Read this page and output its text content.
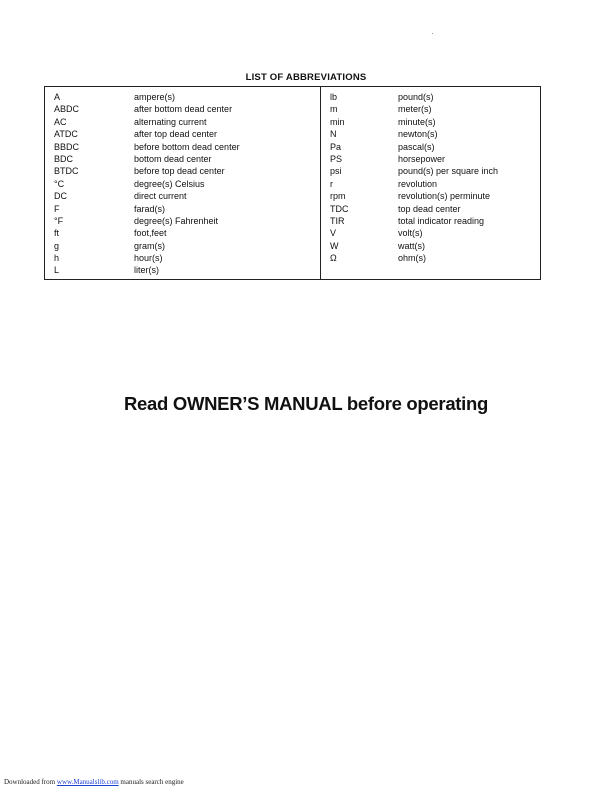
LIST OF ABBREVIATIONS
A	ampere(s)
ABDC	after bottom dead center
AC	alternating current
ATDC	after top dead center
BBDC	before bottom dead center
BDC	bottom dead center
BTDC	before top dead center
°C	degree(s) Celsius
DC	direct current
F	farad(s)
°F	degree(s) Fahrenheit
ft	foot,feet
g	gram(s)
h	hour(s)
L	liter(s)
lb	pound(s)
m	meter(s)
min	minute(s)
N	newton(s)
Pa	pascal(s)
PS	horsepower
psi	pound(s) per square inch
r	revolution
rpm	revolution(s) perminute
TDC	top dead center
TIR	total indicator reading
V	volt(s)
W	watt(s)
Ω	ohm(s)
Read OWNER’S MANUAL before operating
Downloaded from www.Manualslib.com manuals search engine
